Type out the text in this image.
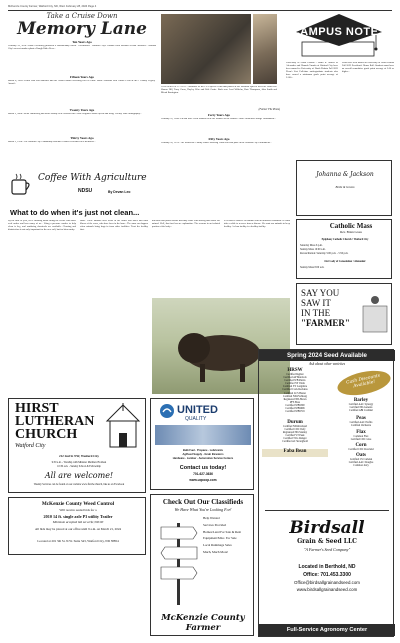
McKenzie County Farmer, Watford City, ND, Wed. February 28, 2024 Page 4
Take a Cruise Down
Memory Lane
Ten Years Ago
February 26, 2014...Daniel Weinberg produced a documentary called "Overburden." Watford City's Tolman 2004 Bernard Nelson Awarded... Watford City's newest number plant a Rough Rider Bevs...
Fifteen Years Ago
March 4, 2009...Frank Fink was inducted into the North Dakota Wrestling Hall of Fame. Marie Hawkins won Cather's Seal & 4H's "Family Legacy" Award...
Twenty Years Ago
March 3, 2004...Stella Hanneberg and Mike Moody were crowned the Good Neighbor Award Queen and King. Twenty Tails Photography...
Thirty Years Ago
March 2, 1994...The Watford City Community Baseball Council welcomes new members...
THROWBACK TO 2011 - Members of the FFA Speech Team that placed at the Berthold Speech Meet are front row: Sharon Hill, Torry Gross, Hayley Wise and Erik Grotte. Back row: Jessi Wilhelm, Kate Thompson, John Smith and Micah Barrington.
(Farmer File Photo)
Forty Years Ago
February 29, 1984...Ed and Mrs. Alvin Johnson were the winners of the Bonnie Clark's Horseshoe Bridge Tournament...
Fifty Years Ago
February 28, 1974...The McKenzie County Ladies Bowling Team won first place at the Watford City Tournament...
CAMPUS NOTES
University of North Dakota - Justin R. Morris of Alexander and Hannah Vrmula of Watford City have been named to University of North Dakota Fall 2023 Dean's List. Full-time undergraduate students who have earned a minimum grade point average of 3.500...
Scott have been named to University of North Dakota Fall 2023 President's Honor Roll. Students must have an overall cumulative grade point average of 3.60 or higher...
Johanna & Jackson
Bride & Groom
Coffee With Agriculture
NDSU	By Devan Leo
What to do when it's just not clean...
By the time of year, we're thinking about filling the feeder with more seed orders and how many of us... Using a pressure washer to help clean is key, and sanitizing chemicals are available. Cleaning and disinfection is not only important for the new calf, but for biosecurity.
cattle. These animals have areas in the udder and hides and mild illness of the cows, who have been in the barn... The same can happen when animals bring bugs in from other facilities. Treat the healthy first.
infection and parent stocks that may come with having that inside the animal. Well, that fact has an explanation. The reasons in an isolated portion of the body...
It is hard to observe an animal with an unknown condition. It could take a while to recover from a disease. We want our animals to keep healthy. A clean facility is a healthy facility.	Catholic Mass
Rev. Brian Gross
Epiphany Catholic Church • Watford City
Saturday Mass 6 p.m.
Sunday Mass 10:00 a.m.
Reconciliation: Saturday 5:00 p.m. - 5:50 p.m.
Our Lady of Consolation • Alexander
Sunday Mass 8:00 a.m.
SAY YOU
SAW IT
IN THE
"FARMER"
HIRST
LUTHERAN
CHURCH
Watford City
212 2nd St NW, Watford City
9:30 a.m. - Worship with Minister Matthew Holdsen
10:30 a.m. - Sunday School & Fellowship
All are welcome!
Weekly Services can be found on our website www.firstlw.church, like us on Facebook
McKenzie County Weed Control
Will receive sealed bids for a
2010 14 ft. single axle P3 utility Trailer
Minimum accepted bid set at $1,500.00
All bids may be placed at our office until 9 a.m. on March 21, 2024
Located at 201 5th St. N.W. Suite 543, Watford City, ND 58854
UNITED
QUALITY
Bulk Fuel · Propane · Lubricants
Ag/Feed Supply · Grain Elevators
Hardware · Lumber · Automotive Service Centers
Contact us today!
701-627-3636
www.uqcoop.com
Check Out Our Classifieds
We Have What You're Looking For!
Help Wanted
Services Provided
Homes/Land For Sale & Rent
Equipment/Misc. For Sale
Local Rummage Sales
Much, Much More!
McKenzie County Farmer
Spring 2024 Seed Available
Ask about other varieties
HRSW
Certified Ingmar
Certified AP Murdock
Certified WB Pando
Certified SY Valda
Certified SY Longmire
Certified CAG Reckless
Certified LCS Buster
Certified ND-Frohberg
Registered ND-Heron
PFS Boss
Certified WB9590
Certified WB9606
Certified WB9719
Durum
Certified ND-Riveland
Certified CDC Defy
Registered ND-Stanley
Certified VT Peak
Certified TCG Ranger
Certified AC Stronghold
Faba Bean
Cash Discounts Available!
Barley
Certified AAC Synergy
Certified ND-Genesis
Certified ABI Cardinal
Peas
Certified AAC Profits
Certified Orchestra
Flax
Common Flax
Certified CDC Glas
Corn
Certified CDC Rowland
Oats
Certified CS Camden
Certified AAC Douglas
Common Jerry
Birdsall
Grain & Seed LLC
"A Farmer's Seed Company"
Located in Berthold, ND
Office: 701.453.3300
Office@birdsallgrainandseed.com
www.birdsallgrainandseed.com
Full-Service Agronomy Center
